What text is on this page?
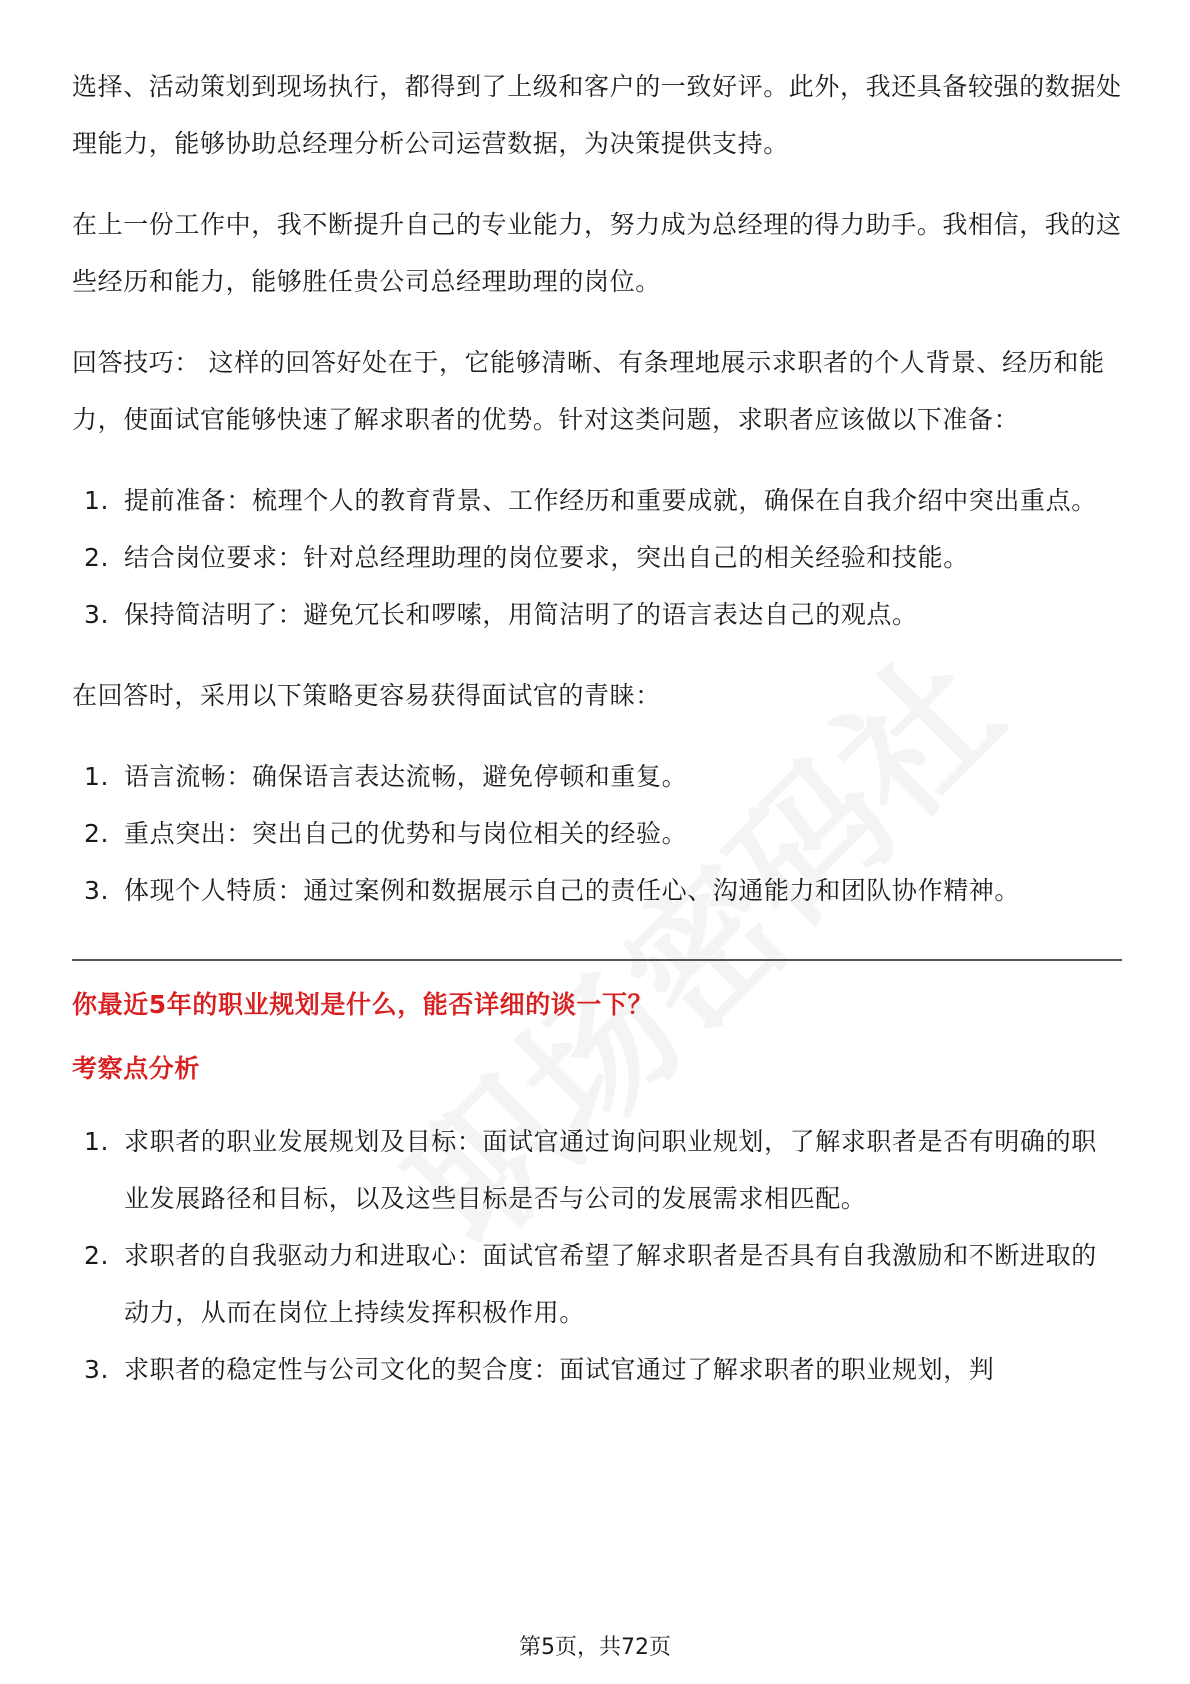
选择、活动策划到现场执行，都得到了上级和客户的一致好评。此外，我还具备较强的数据处理能力，能够协助总经理分析公司运营数据，为决策提供支持。

在上一份工作中，我不断提升自己的专业能力，努力成为总经理的得力助手。我相信，我的这些经历和能力，能够胜任贵公司总经理助理的岗位。

回答技巧： 这样的回答好处在于，它能够清晰、有条理地展示求职者的个人背景、经历和能力，使面试官能够快速了解求职者的优势。针对这类问题，求职者应该做以下准备：

1. 提前准备：梳理个人的教育背景、工作经历和重要成就，确保在自我介绍中突出重点。
2. 结合岗位要求：针对总经理助理的岗位要求，突出自己的相关经验和技能。
3. 保持简洁明了：避免冗长和啰嗦，用简洁明了的语言表达自己的观点。

在回答时，采用以下策略更容易获得面试官的青睐：

1. 语言流畅：确保语言表达流畅，避免停顿和重复。
2. 重点突出：突出自己的优势和与岗位相关的经验。
3. 体现个人特质：通过案例和数据展示自己的责任心、沟通能力和团队协作精神。

你最近5年的职业规划是什么，能否详细的谈一下？

考察点分析

1. 求职者的职业发展规划及目标：面试官通过询问职业规划，了解求职者是否有明确的职业发展路径和目标，以及这些目标是否与公司的发展需求相匹配。
2. 求职者的自我驱动力和进取心：面试官希望了解求职者是否具有自我激励和不断进取的动力，从而在岗位上持续发挥积极作用。
3. 求职者的稳定性与公司文化的契合度：面试官通过了解求职者的职业规划，判
第5页，共72页
